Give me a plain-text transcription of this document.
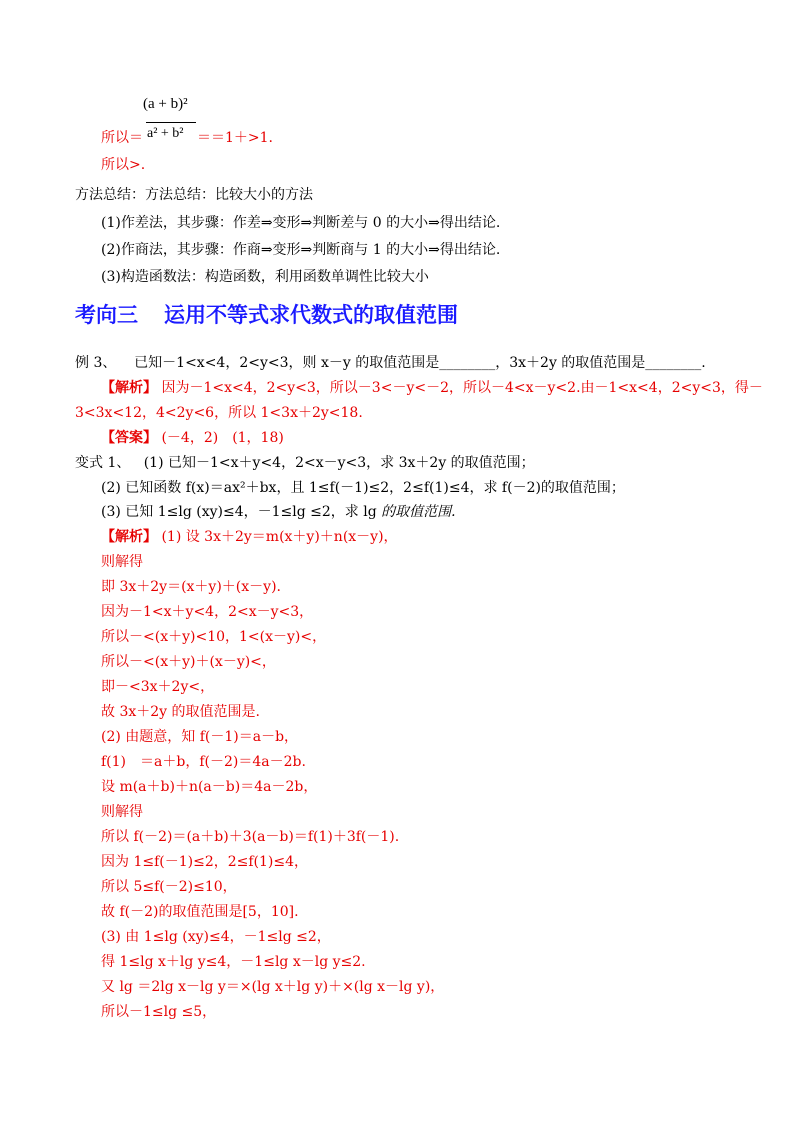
(a + b)²
a² + b²
所以＝	＝＝1＋>1.
所以>.
方法总结：方法总结：比较大小的方法
(1)作差法，其步骤：作差⇒变形⇒判断差与 0 的大小⇒得出结论.
(2)作商法，其步骤：作商⇒变形⇒判断商与 1 的大小⇒得出结论.
(3)构造函数法：构造函数，利用函数单调性比较大小
考向三 运用不等式求代数式的取值范围
例 3、 已知－1<x<4，2<y<3，则 x－y 的取值范围是________，3x＋2y 的取值范围是________.
【解析】 因为－1<x<4，2<y<3，所以－3<－y<－2，所以－4<x－y<2.由－1<x<4，2<y<3，得－
3<3x<12，4<2y<6，所以 1<3x＋2y<18.
【答案】 (－4，2)　(1，18)
变式 1、 (1) 已知－1<x＋y<4，2<x－y<3，求 3x＋2y 的取值范围；
(2) 已知函数 f(x)＝ax²＋bx，且 1≤f(－1)≤2，2≤f(1)≤4，求 f(－2)的取值范围；
(3) 已知 1≤lg (xy)≤4，－1≤lg ≤2，求 lg 的取值范围.
【解析】 (1) 设 3x＋2y＝m(x＋y)＋n(x－y)，
则解得
即 3x＋2y＝(x＋y)＋(x－y).
因为－1<x＋y<4，2<x－y<3，
所以－<(x＋y)<10，1<(x－y)<，
所以－<(x＋y)＋(x－y)<，
即－<3x＋2y<，
故 3x＋2y 的取值范围是.
(2) 由题意，知 f(－1)＝a－b，
f(1)　＝a＋b，f(－2)＝4a－2b.
设 m(a＋b)＋n(a－b)＝4a－2b，
则解得
所以 f(－2)＝(a＋b)＋3(a－b)＝f(1)＋3f(－1).
因为 1≤f(－1)≤2，2≤f(1)≤4，
所以 5≤f(－2)≤10，
故 f(－2)的取值范围是[5，10].
(3) 由 1≤lg (xy)≤4，－1≤lg ≤2，
得 1≤lg x＋lg y≤4，－1≤lg x－lg y≤2.
又 lg ＝2lg x－lg y＝×(lg x＋lg y)＋×(lg x－lg y)，
所以－1≤lg ≤5，
